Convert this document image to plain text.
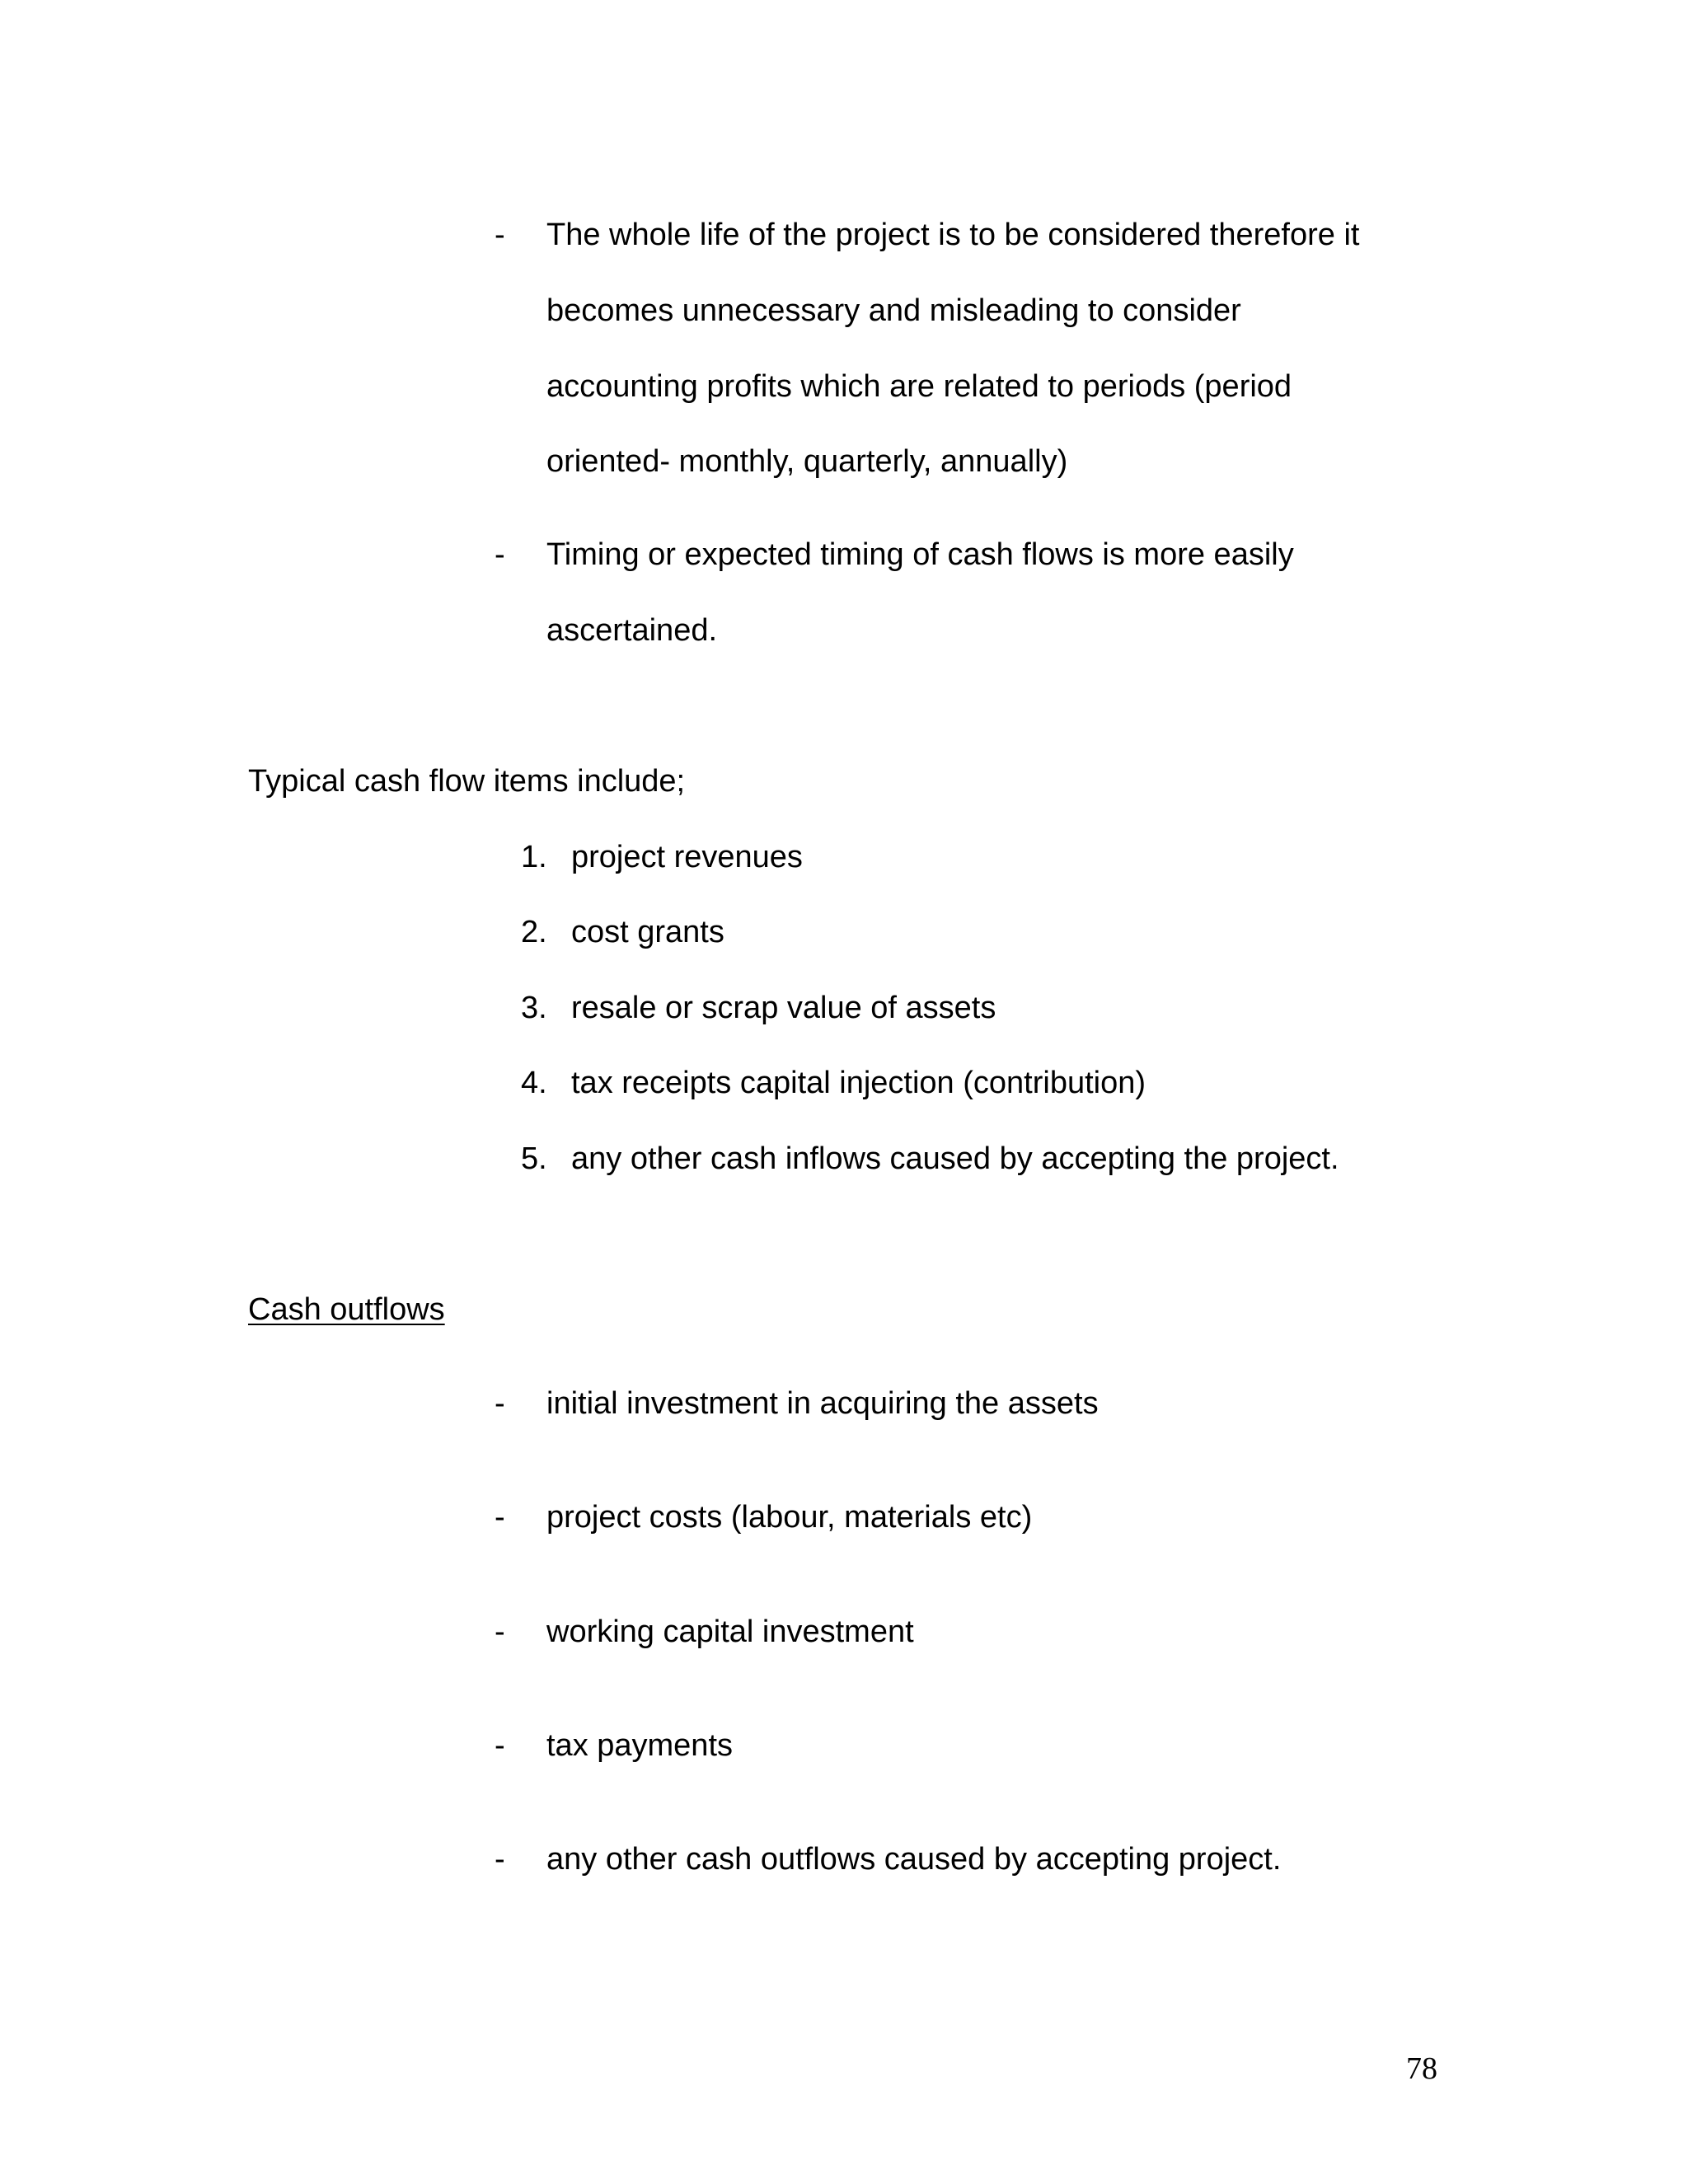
- The whole life of the project is to be considered therefore it
becomes unnecessary and misleading to consider
accounting profits which are related to periods (period
oriented- monthly, quarterly, annually)
- Timing or expected timing of cash flows is more easily
ascertained.
Typical cash flow items include;
1. project revenues
2. cost grants
3. resale or scrap value of assets
4. tax receipts capital injection (contribution)
5. any other cash inflows caused by accepting the project.
Cash outflows
- initial investment in acquiring the assets
- project costs (labour, materials etc)
- working capital investment
- tax payments
- any other cash outflows caused by accepting project.
78
